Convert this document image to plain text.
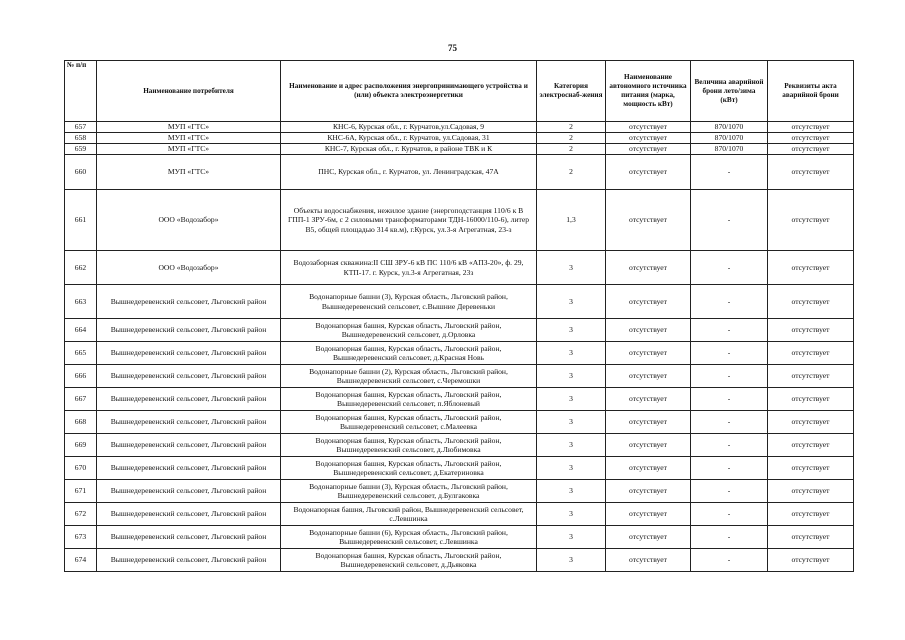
75
№ п/п	Наименование потребителя	Наименование и адрес расположения энергопринимающего устройства и (или) объекта электроэнергетики	Категория электроснаб-жения	Наименование автономного источника питания (марка, мощность кВт)	Величина аварийной брони лето/зима (кВт)	Реквизиты акта аварийной брони
657	МУП «ГТС»	КНС-6, Курская обл., г. Курчатов,ул.Садовая, 9	2	отсутствует	870/1070	отсутствует
658	МУП «ГТС»	КНС-6А, Курская обл., г. Курчатов, ул.Садовая, 31	2	отсутствует	870/1070	отсутствует
659	МУП «ГТС»	КНС-7, Курская обл., г. Курчатов, в районе ТВК и К	2	отсутствует	870/1070	отсутствует
660	МУП «ГТС»	ПНС, Курская обл., г. Курчатов, ул. Ленинградская, 47А	2	отсутствует	-	отсутствует
661	ООО «Водозабор»	Объекты водоснабжения, нежилое здание (энергоподстанция 110/6 к В ГПП-1 ЗРУ-6м, с 2 силовыми трансформаторами ТДН-16000/110-6), литер В5, общей площадью 314 кв.м), г.Курск, ул.3-я Агрегатная, 23-з	1,3	отсутствует	-	отсутствует
662	ООО «Водозабор»	Водозаборная скважина:II СШ ЗРУ-6 кВ ПС 110/6 кВ «АПЗ-20», ф. 29, КТП-17. г. Курск, ул.3-я Агрегатная, 23з	3	отсутствует	-	отсутствует
663	Вышнедеревенский сельсовет, Льговский район	Водонапорные башни (3), Курская область, Льговский район, Вышнедеревенский сельсовет, с.Вышние Деревеньки	3	отсутствует	-	отсутствует
664	Вышнедеревенский сельсовет, Льговский район	Водонапорная башня, Курская область, Льговский район, Вышнедеревенский сельсовет, д.Орловка	3	отсутствует	-	отсутствует
665	Вышнедеревенский сельсовет, Льговский район	Водонапорная башня, Курская область, Льговский район, Вышнедеревенский сельсовет, д.Красная Новь	3	отсутствует	-	отсутствует
666	Вышнедеревенский сельсовет, Льговский район	Водонапорные башни (2), Курская область, Льговский район, Вышнедеревенский сельсовет, с.Черемошки	3	отсутствует	-	отсутствует
667	Вышнедеревенский сельсовет, Льговский район	Водонапорная башня, Курская область, Льговский район, Вышнедеревенский сельсовет, п.Яблоневый	3	отсутствует	-	отсутствует
668	Вышнедеревенский сельсовет, Льговский район	Водонапорная башня, Курская область, Льговский район, Вышнедеревенский сельсовет, с.Малеевка	3	отсутствует	-	отсутствует
669	Вышнедеревенский сельсовет, Льговский район	Водонапорная башня, Курская область, Льговский район, Вышнедеревенский сельсовет, д.Любимовка	3	отсутствует	-	отсутствует
670	Вышнедеревенский сельсовет, Льговский район	Водонапорная башня, Курская область, Льговский район, Вышнедеревенский сельсовет, д.Екатериновка	3	отсутствует	-	отсутствует
671	Вышнедеревенский сельсовет, Льговский район	Водонапорные башни (3), Курская область, Льговский район, Вышнедеревенский сельсовет, д.Булгаковка	3	отсутствует	-	отсутствует
672	Вышнедеревенский сельсовет, Льговский район	Водонапорная башня, Льговский район, Вышнедеревенский сельсовет, с.Левшинка	3	отсутствует	-	отсутствует
673	Вышнедеревенский сельсовет, Льговский район	Водонапорные башни (6), Курская область, Льговский район, Вышнедеревенский сельсовет, с.Левшинка	3	отсутствует	-	отсутствует
674	Вышнедеревенский сельсовет, Льговский район	Водонапорная башня, Курская область, Льговский район, Вышнедеревенский сельсовет, д.Дьяковка	3	отсутствует	-	отсутствует
